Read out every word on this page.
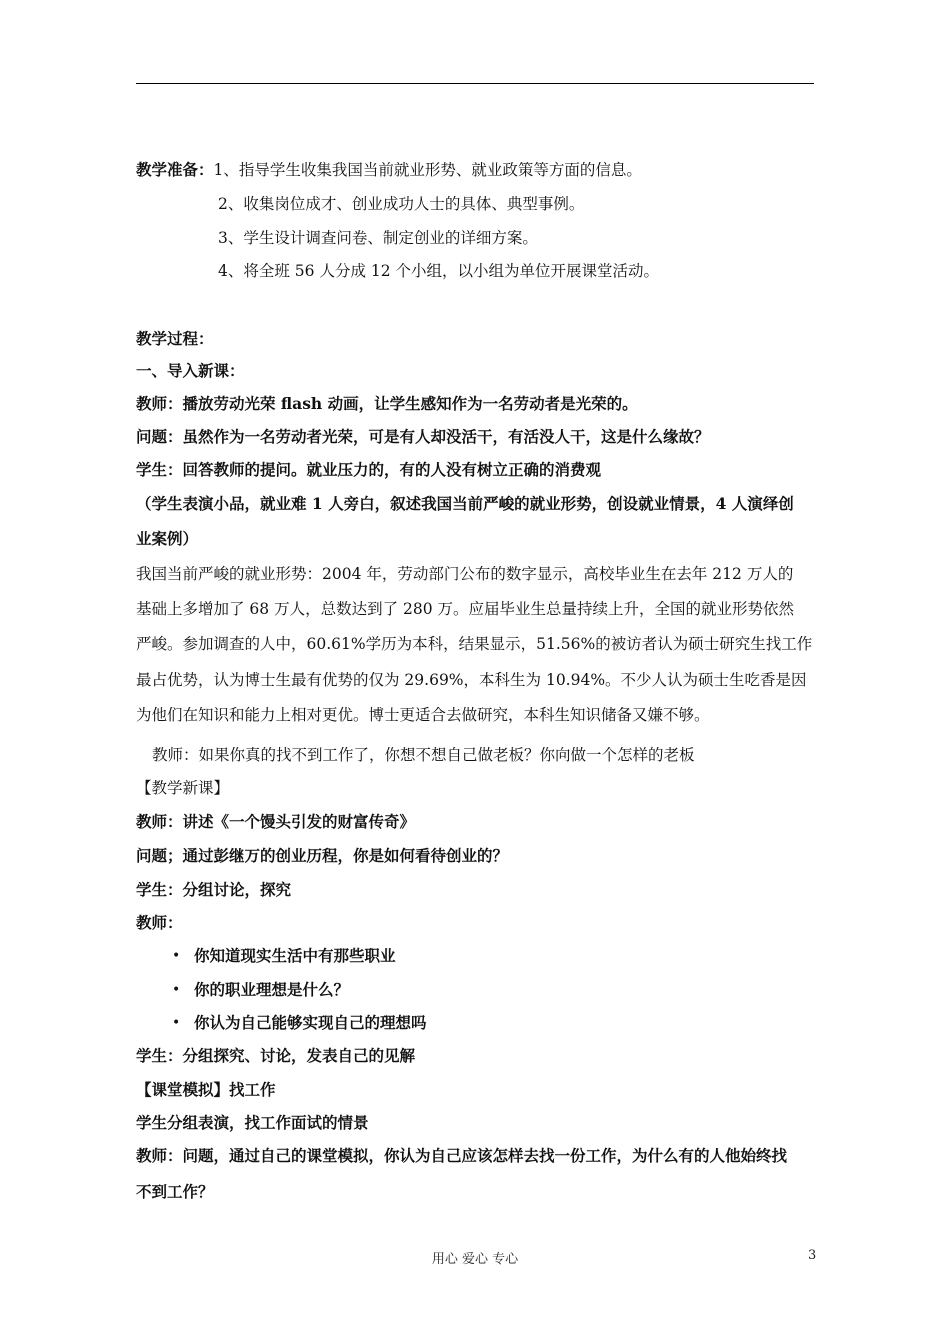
教学准备：1、指导学生收集我国当前就业形势、就业政策等方面的信息。
2、收集岗位成才、创业成功人士的具体、典型事例。
3、学生设计调查问卷、制定创业的详细方案。
4、将全班 56 人分成 12 个小组，以小组为单位开展课堂活动。
教学过程：
一、导入新课：
教师：播放劳动光荣 flash 动画，让学生感知作为一名劳动者是光荣的。
问题：虽然作为一名劳动者光荣，可是有人却没活干，有活没人干，这是什么缘故？
学生：回答教师的提问。就业压力的，有的人没有树立正确的消费观
（学生表演小品，就业难 1 人旁白，叙述我国当前严峻的就业形势，创设就业情景，4 人演绎创
业案例）
我国当前严峻的就业形势：2004 年，劳动部门公布的数字显示，高校毕业生在去年 212 万人的
基础上多增加了 68 万人，总数达到了 280 万。应届毕业生总量持续上升，全国的就业形势依然
严峻。参加调查的人中，60.61%学历为本科，结果显示，51.56%的被访者认为硕士研究生找工作
最占优势，认为博士生最有优势的仅为 29.69%，本科生为 10.94%。不少人认为硕士生吃香是因
为他们在知识和能力上相对更优。博士更适合去做研究，本科生知识储备又嫌不够。
教师：如果你真的找不到工作了，你想不想自己做老板？你向做一个怎样的老板
【教学新课】
教师：讲述《一个馒头引发的财富传奇》
问题；通过彭继万的创业历程，你是如何看待创业的？
学生：分组讨论，探究
教师：
• 你知道现实生活中有那些职业
• 你的职业理想是什么？
• 你认为自己能够实现自己的理想吗
学生：分组探究、讨论，发表自己的见解
【课堂模拟】找工作
学生分组表演，找工作面试的情景
教师：问题，通过自己的课堂模拟，你认为自己应该怎样去找一份工作，为什么有的人他始终找
不到工作？
用心 爱心 专心	3
